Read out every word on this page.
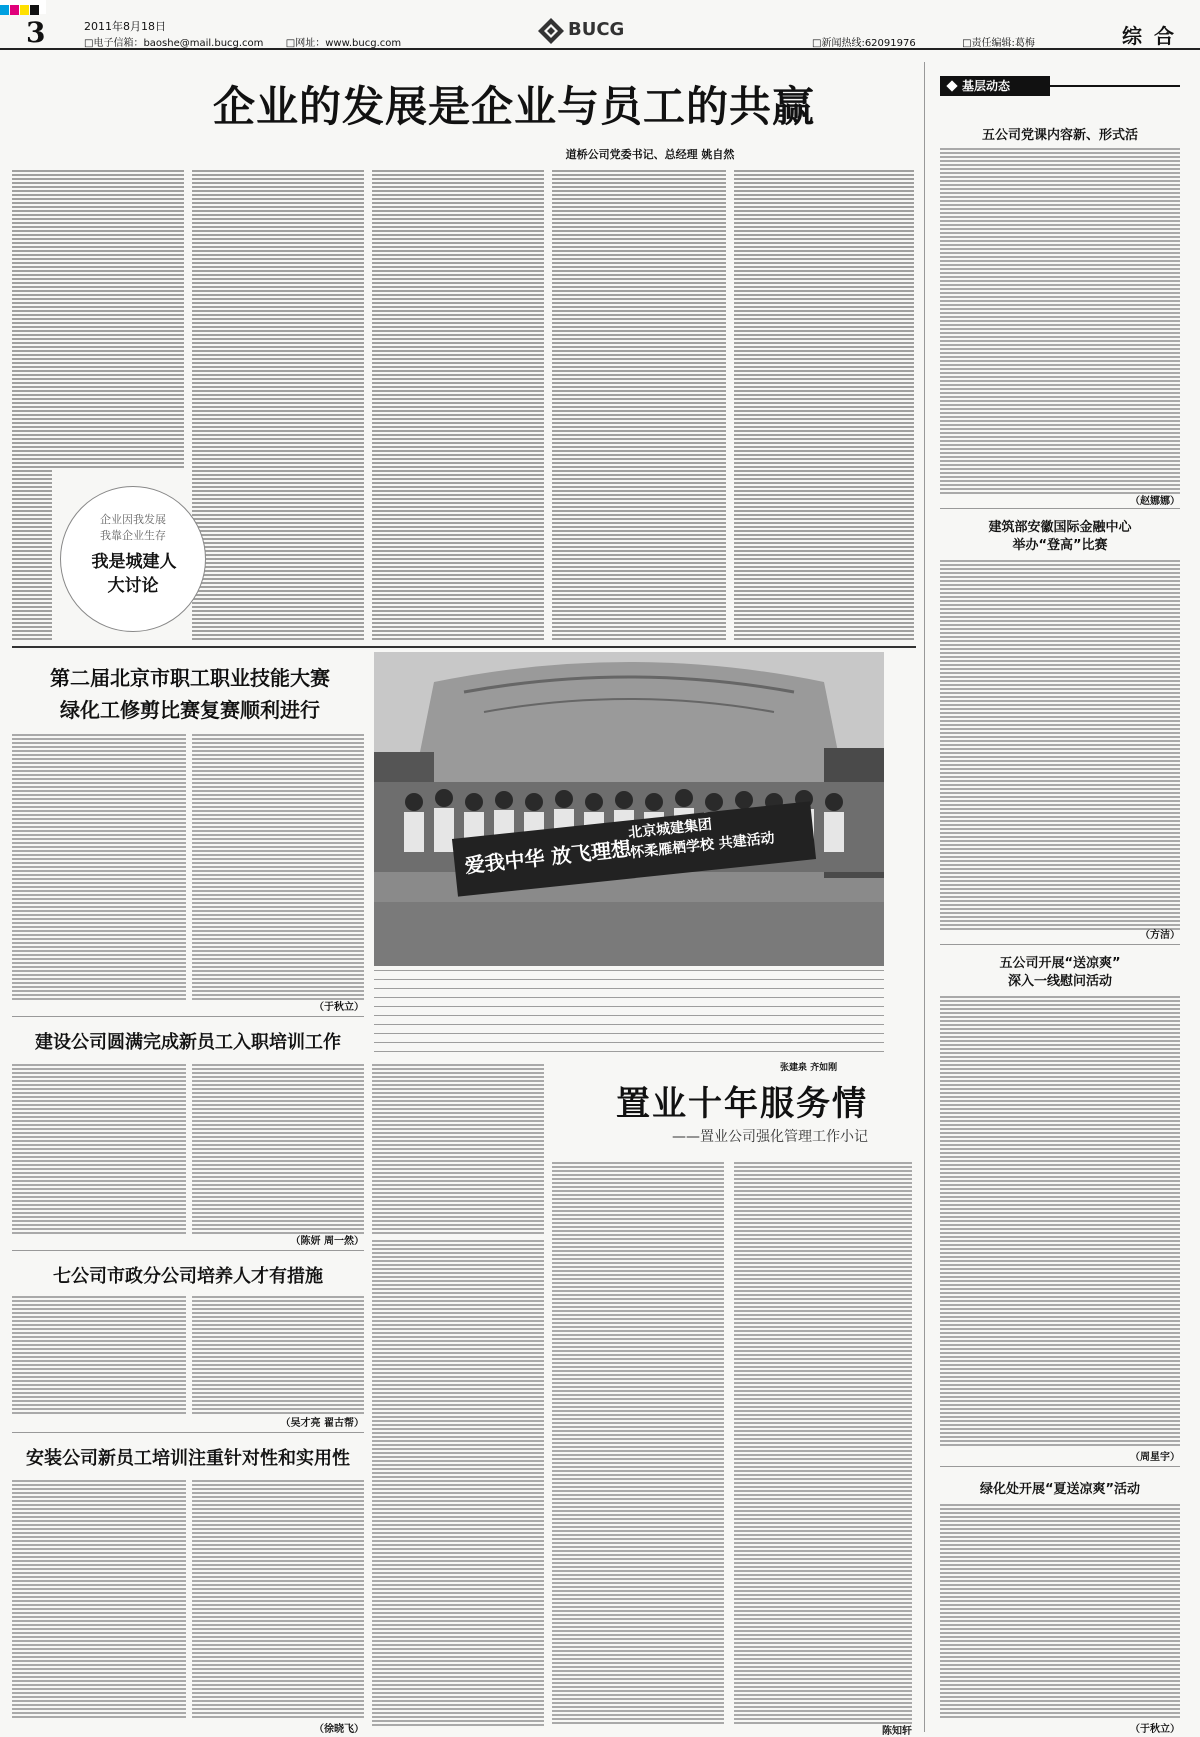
3	2011年8月18日
□电子信箱：baoshe@mail.bucg.com □网址：www.bucg.com
BUCG
□新闻热线:62091976	□责任编辑:葛梅	综合
企业的发展是企业与员工的共赢
道桥公司党委书记、总经理 姚自然
企业因我发展
我靠企业生存
我是城建人
大讨论
第二届北京市职工职业技能大赛
绿化工修剪比赛复赛顺利进行
（于秋立）
建设公司圆满完成新员工入职培训工作
（陈妍 周一然）
七公司市政分公司培养人才有措施
（吴才亮 翟古帮）
安装公司新员工培训注重针对性和实用性
（徐晓飞）
爱我中华 放飞理想
北京城建集团
怀柔雁栖学校 共建活动
张建泉 齐如刚
置业十年服务情
——置业公司强化管理工作小记
陈知轩
基层动态
五公司党课内容新、形式活
（赵娜娜）
建筑部安徽国际金融中心
举办“登高”比赛
（方洁）
五公司开展“送凉爽”
深入一线慰问活动
（周星宇）
绿化处开展“夏送凉爽”活动
（于秋立）
